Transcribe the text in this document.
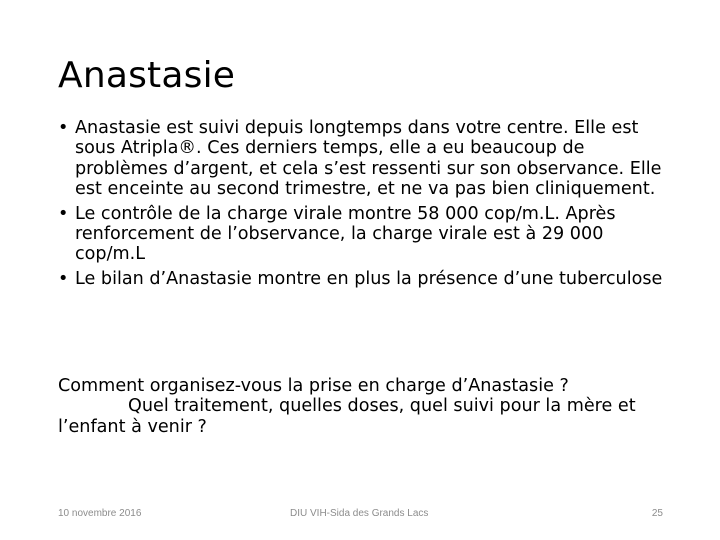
Anastasie
• Anastasie est suivi depuis longtemps dans votre centre. Elle est sous Atripla®. Ces derniers temps, elle a eu beaucoup de problèmes d’argent, et cela s’est ressenti sur son observance. Elle est enceinte au second trimestre, et ne va pas bien cliniquement.
• Le contrôle de la charge virale montre 58 000 cop/m.L. Après renforcement de l’observance, la charge virale est à 29 000 cop/m.L
• Le bilan d’Anastasie montre en plus la présence d’une tuberculose

Comment organisez-vous la prise en charge d’Anastasie ?

Quel traitement, quelles doses, quel suivi pour la mère et l’enfant à venir ?

10 novembre 2016	DIU VIH-Sida des Grands Lacs	25
